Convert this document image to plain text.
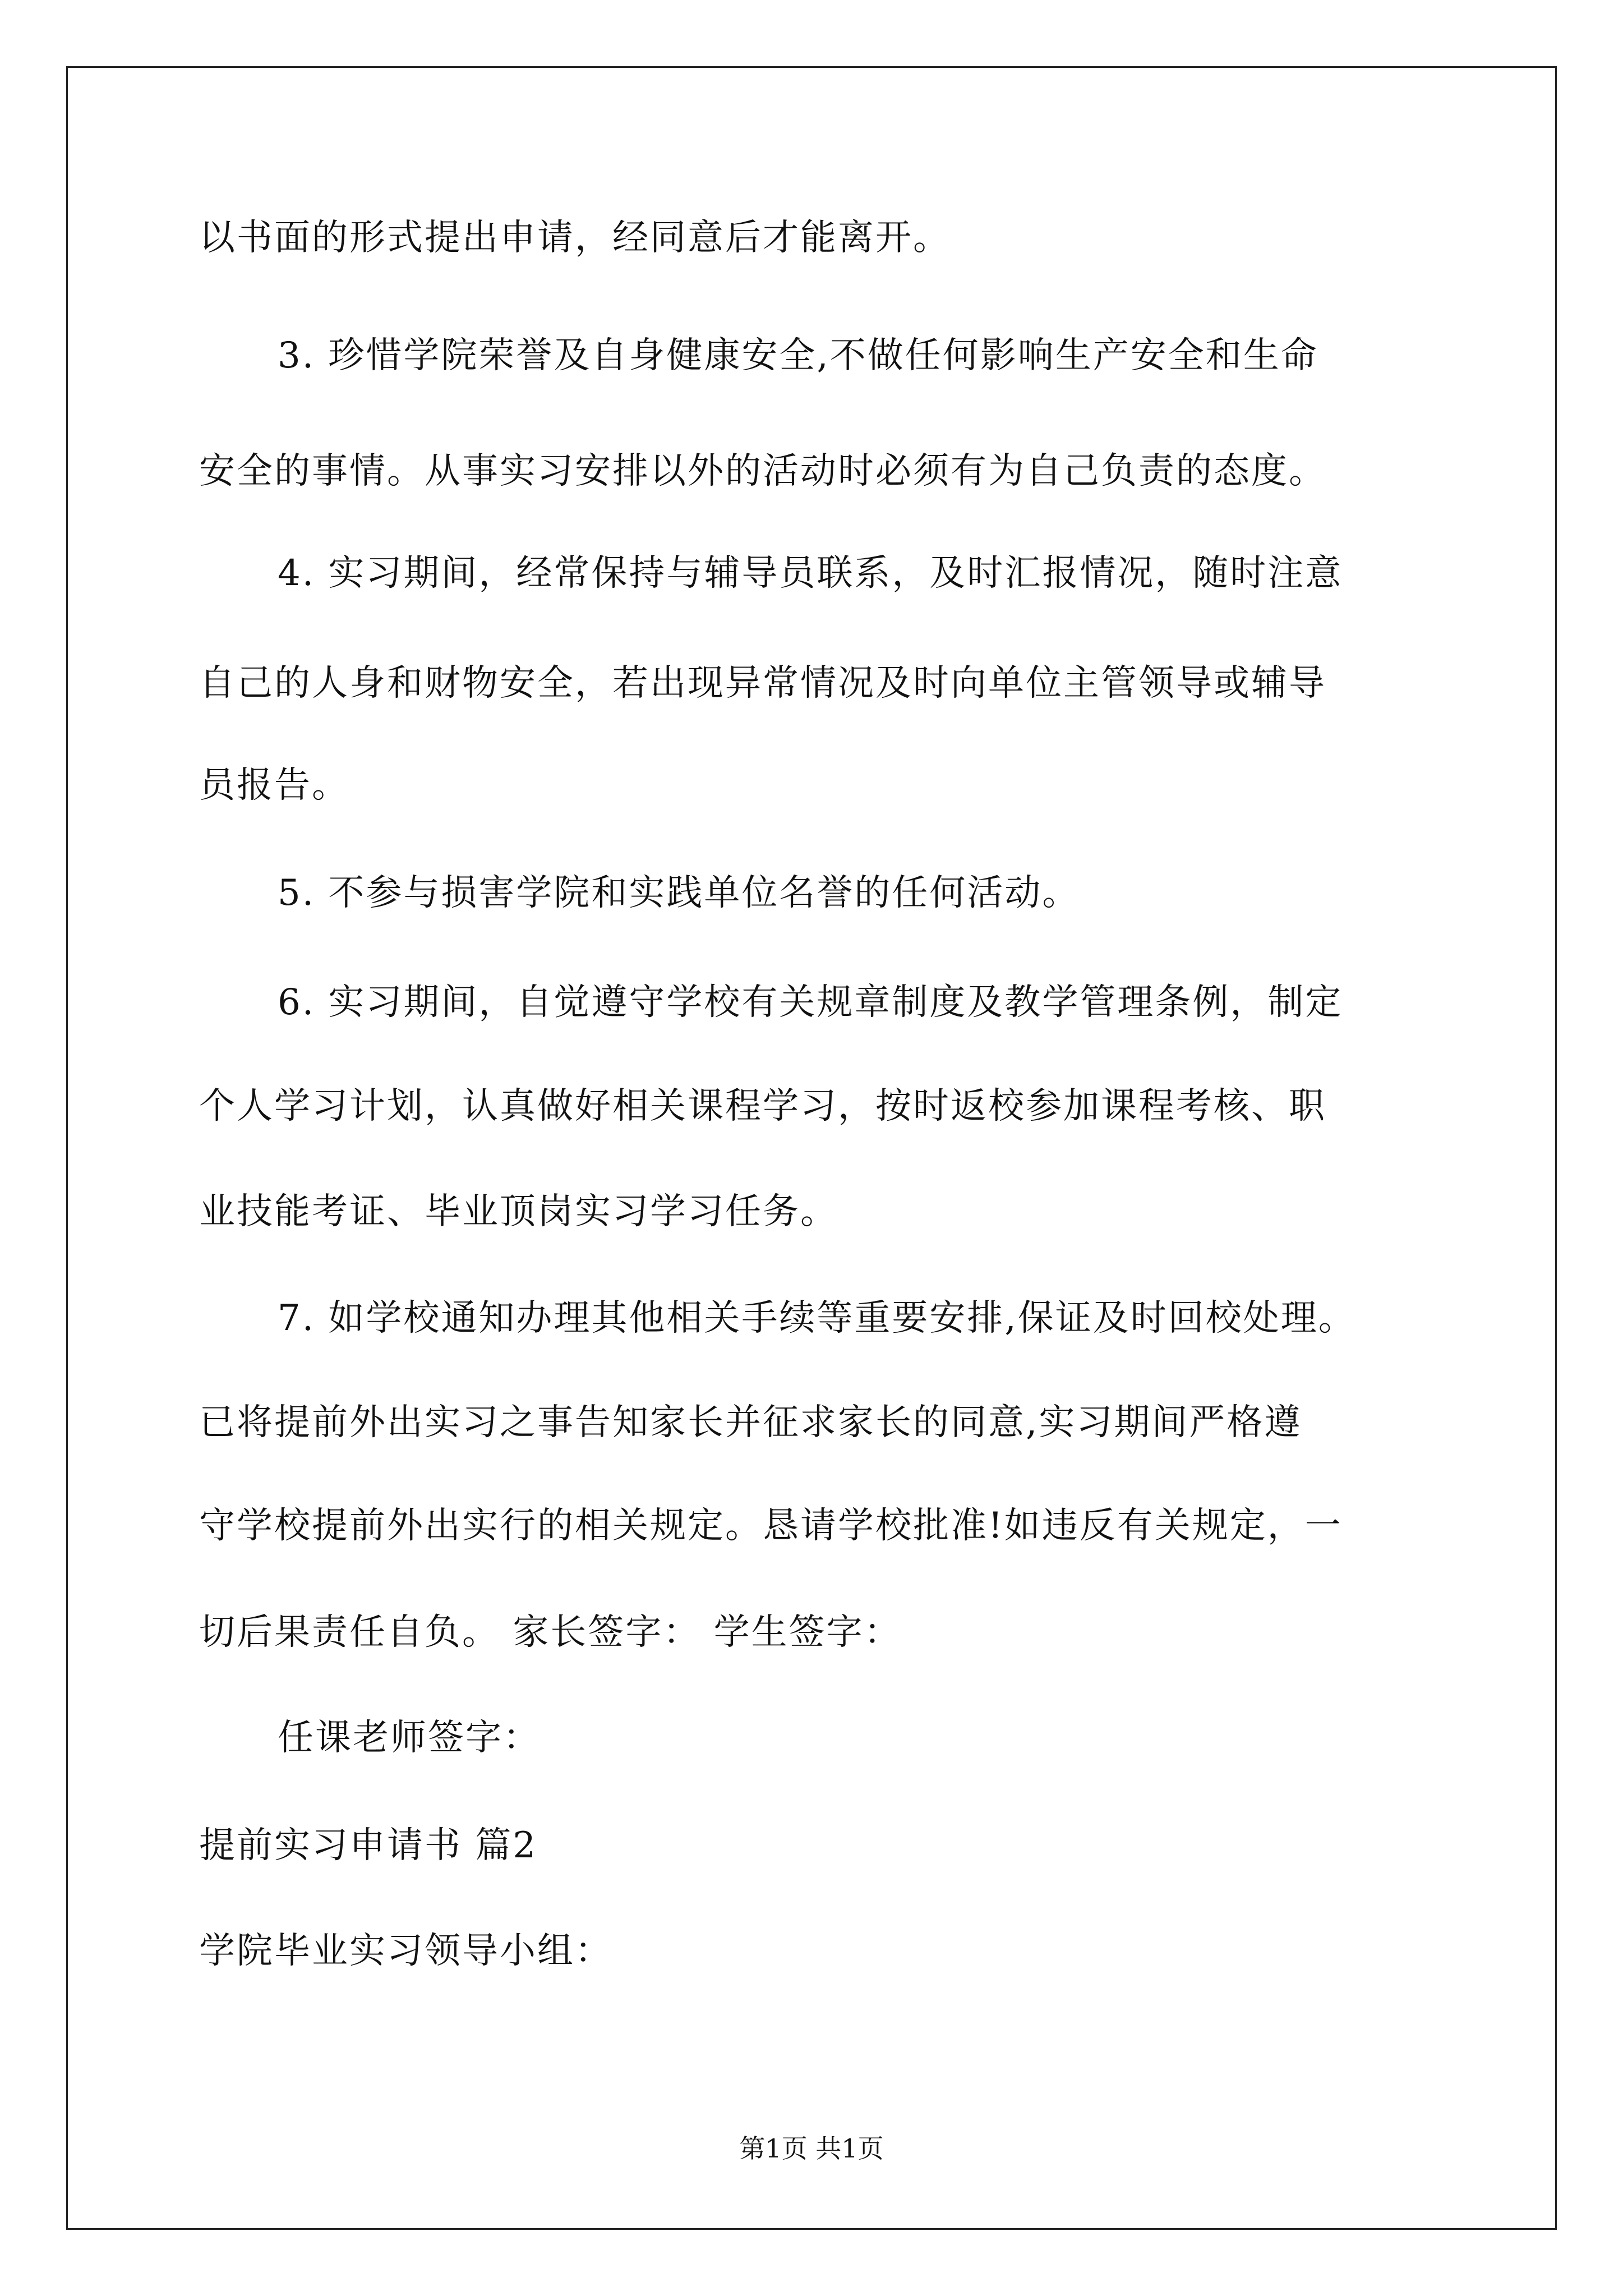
以书面的形式提出申请，经同意后才能离开。
3. 珍惜学院荣誉及自身健康安全,不做任何影响生产安全和生命
安全的事情。从事实习安排以外的活动时必须有为自己负责的态度。
4. 实习期间，经常保持与辅导员联系，及时汇报情况，随时注意
自己的人身和财物安全，若出现异常情况及时向单位主管领导或辅导
员报告。
5. 不参与损害学院和实践单位名誉的任何活动。
6. 实习期间，自觉遵守学校有关规章制度及教学管理条例，制定
个人学习计划，认真做好相关课程学习，按时返校参加课程考核、职
业技能考证、毕业顶岗实习学习任务。
7. 如学校通知办理其他相关手续等重要安排,保证及时回校处理。
已将提前外出实习之事告知家长并征求家长的同意,实习期间严格遵
守学校提前外出实行的相关规定。恳请学校批准!如违反有关规定，一
切后果责任自负。 家长签字： 学生签字：
任课老师签字：
提前实习申请书 篇2
学院毕业实习领导小组：
第1页 共1页
